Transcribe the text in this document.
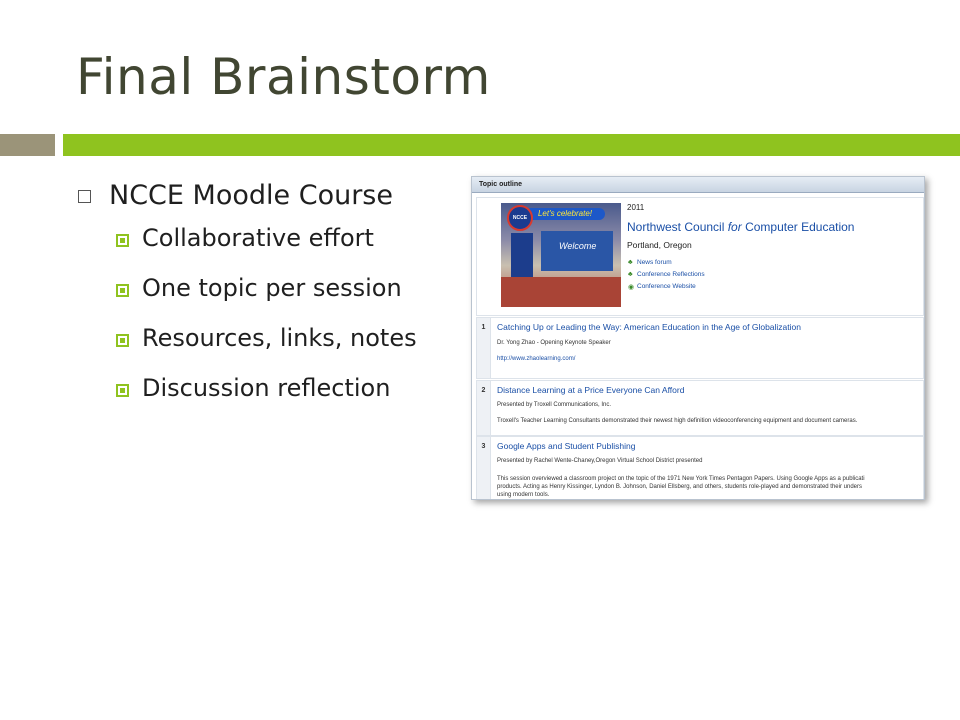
Final Brainstorm
NCCE Moodle Course
Collaborative effort
One topic per session
Resources, links, notes
Discussion reflection
Topic outline
Welcome
Let's celebrate!
NCCE
2011
Northwest Council for Computer Education
Portland, Oregon
♣ News forum
♣ Conference Reflections
◉ Conference Website
1	Catching Up or Leading the Way: American Education in the Age of Globalization
Dr. Yong Zhao - Opening Keynote Speaker
http://www.zhaolearning.com/
2	Distance Learning at a Price Everyone Can Afford
Presented by Troxell Communications, Inc.
Troxell's Teacher Learning Consultants demonstrated their newest high definition videoconferencing equipment and document cameras.
3	Google Apps and Student Publishing
Presented by Rachel Wente-Chaney,Oregon Virtual School District presented
This session overviewed a classroom project on the topic of the 1971 New York Times Pentagon Papers. Using Google Apps as a publicati
products. Acting as Henry Kissinger, Lyndon B. Johnson, Daniel Ellsberg, and others, students role-played and demonstrated their unders
using modern tools.
